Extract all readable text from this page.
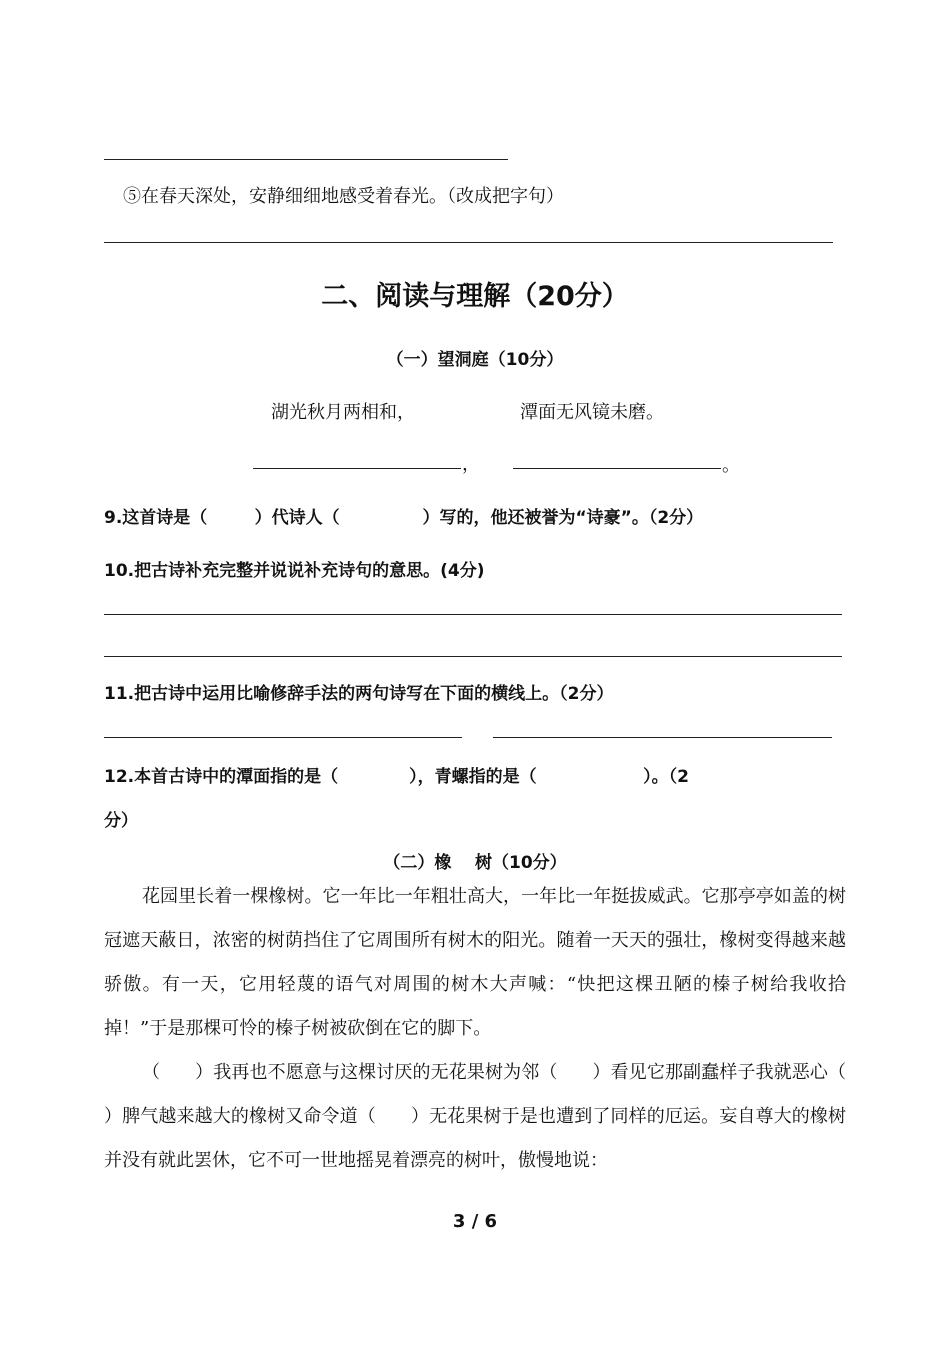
⑤在春天深处，安静细细地感受着春光。（改成把字句）
二、阅读与理解（20分）
（一）望洞庭（10分）
湖光秋月两相和，	潭面无风镜未磨。
，	。
9.这首诗是（        ）代诗人（              ）写的，他还被誉为“诗豪”。（2分）
10.把古诗补充完整并说说补充诗句的意思。(4分)
11.把古诗中运用比喻修辞手法的两句诗写在下面的横线上。（2分）
12.本首古诗中的潭面指的是（            ），青螺指的是（                  ）。（2
分）
（二）橡    树（10分）

花园里长着一棵橡树。它一年比一年粗壮高大，一年比一年挺拔威武。它那亭亭如盖的树冠遮天蔽日，浓密的树荫挡住了它周围所有树木的阳光。随着一天天的强壮，橡树变得越来越骄傲。有一天，它用轻蔑的语气对周围的树木大声喊：“快把这棵丑陋的榛子树给我收拾掉！”于是那棵可怜的榛子树被砍倒在它的脚下。

（      ）我再也不愿意与这棵讨厌的无花果树为邻（      ）看见它那副蠢样子我就恶心（      ）脾气越来越大的橡树又命令道（      ）无花果树于是也遭到了同样的厄运。妄自尊大的橡树并没有就此罢休，它不可一世地摇晃着漂亮的树叶，傲慢地说：

3 / 6
